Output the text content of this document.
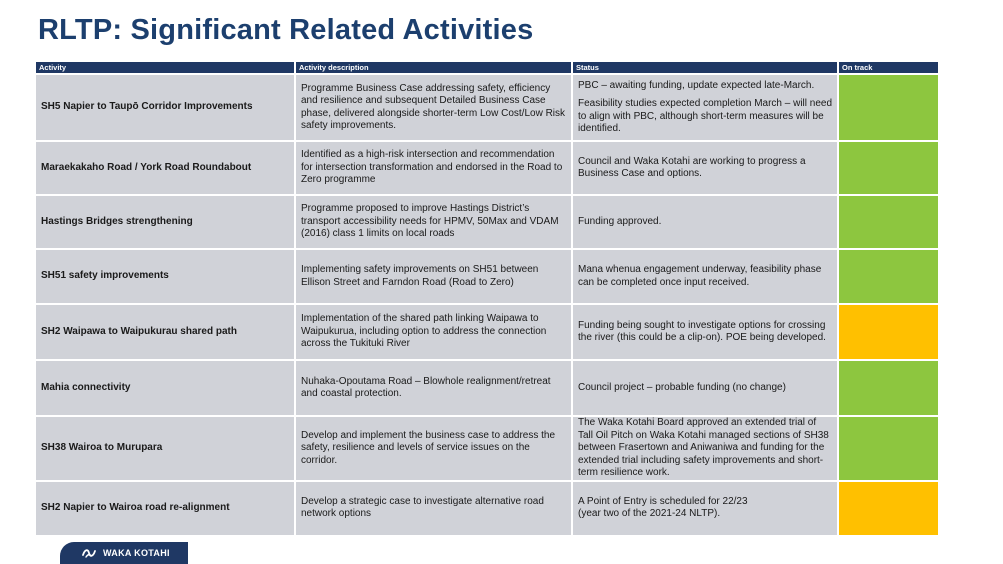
RLTP: Significant Related Activities
Activity	Activity description	Status	On track
SH5 Napier to Taupō Corridor Improvements	Programme Business Case addressing safety, efficiency and resilience and subsequent Detailed Business Case phase, delivered alongside shorter-term Low Cost/Low Risk safety improvements.	PBC – awaiting funding, update expected late-March.
Feasibility studies expected completion March – will need to align with PBC, although short-term measures will be identified.	

Maraekakaho Road / York Road Roundabout	Identified as a high-risk intersection and recommendation for intersection transformation and endorsed in the Road to Zero programme	Council and Waka Kotahi are working to progress a Business Case and options.	

Hastings Bridges strengthening	Programme proposed to improve Hastings District’s transport accessibility needs for HPMV, 50Max and VDAM (2016) class 1 limits on local roads	Funding approved.	

SH51 safety improvements	Implementing safety improvements on SH51 between Ellison Street and Farndon Road (Road to Zero)	Mana whenua engagement underway, feasibility phase can be completed once input received.	

SH2 Waipawa to Waipukurau shared path	Implementation of the shared path linking Waipawa to Waipukurua, including option to address the connection across the Tukituki River	Funding being sought to investigate options for crossing the river (this could be a clip-on). POE being developed.	

Mahia connectivity	Nuhaka-Opoutama Road – Blowhole realignment/retreat and coastal protection.	Council project – probable funding (no change)	

SH38 Wairoa to Murupara	Develop and implement the business case to address the safety, resilience and levels of service issues on the corridor.	The Waka Kotahi Board approved an extended trial of Tall Oil Pitch on Waka Kotahi managed sections of SH38 between Frasertown and Aniwaniwa and funding for the extended trial including safety improvements and short-term resilience work.	

SH2 Napier to Wairoa road re-alignment	Develop a strategic case to investigate alternative road network options	A Point of Entry is scheduled for 22/23
(year two of the 2021-24 NLTP).	

WAKA KOTAHI
